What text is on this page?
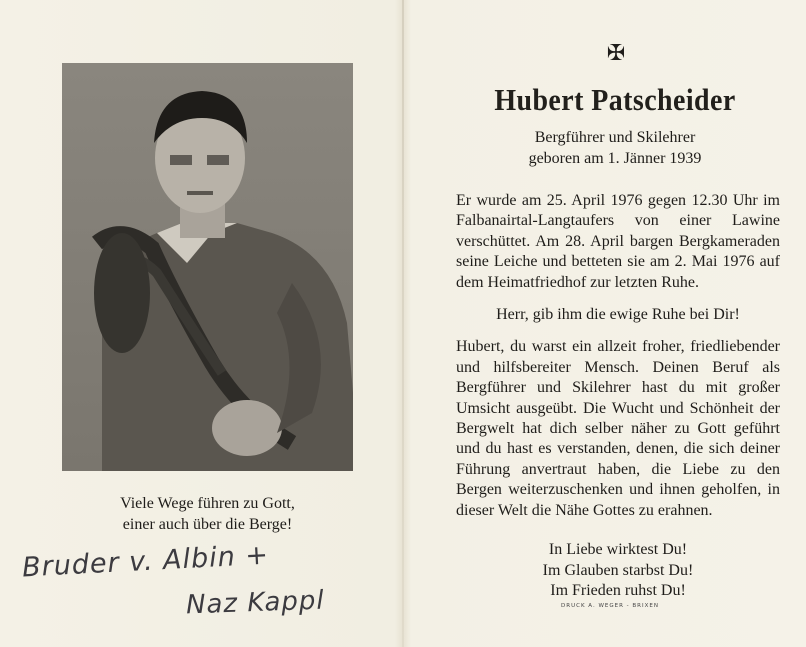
Viele Wege führen zu Gott,
einer auch über die Berge!
Bruder v. Albin +
Naz Kappl
✠
Hubert Patscheider
Bergführer und Skilehrer
geboren am 1. Jänner 1939

Er wurde am 25. April 1976 gegen 12.30 Uhr im Falbanairtal-Langtaufers von einer Lawine verschüttet. Am 28. April bargen Bergkameraden seine Leiche und betteten sie am 2. Mai 1976 auf dem Heimatfriedhof zur letzten Ruhe.

Herr, gib ihm die ewige Ruhe bei Dir!

Hubert, du warst ein allzeit froher, friedliebender und hilfsbereiter Mensch. Deinen Beruf als Bergführer und Skilehrer hast du mit großer Umsicht ausgeübt. Die Wucht und Schönheit der Bergwelt hat dich selber näher zu Gott geführt und du hast es verstanden, denen, die sich deiner Führung anvertraut haben, die Liebe zu den Bergen weiterzuschenken und ihnen geholfen, in dieser Welt die Nähe Gottes zu erahnen.

In Liebe wirktest Du!
Im Glauben starbst Du!
Im Frieden ruhst Du!
DRUCK A. WEGER - BRIXEN
